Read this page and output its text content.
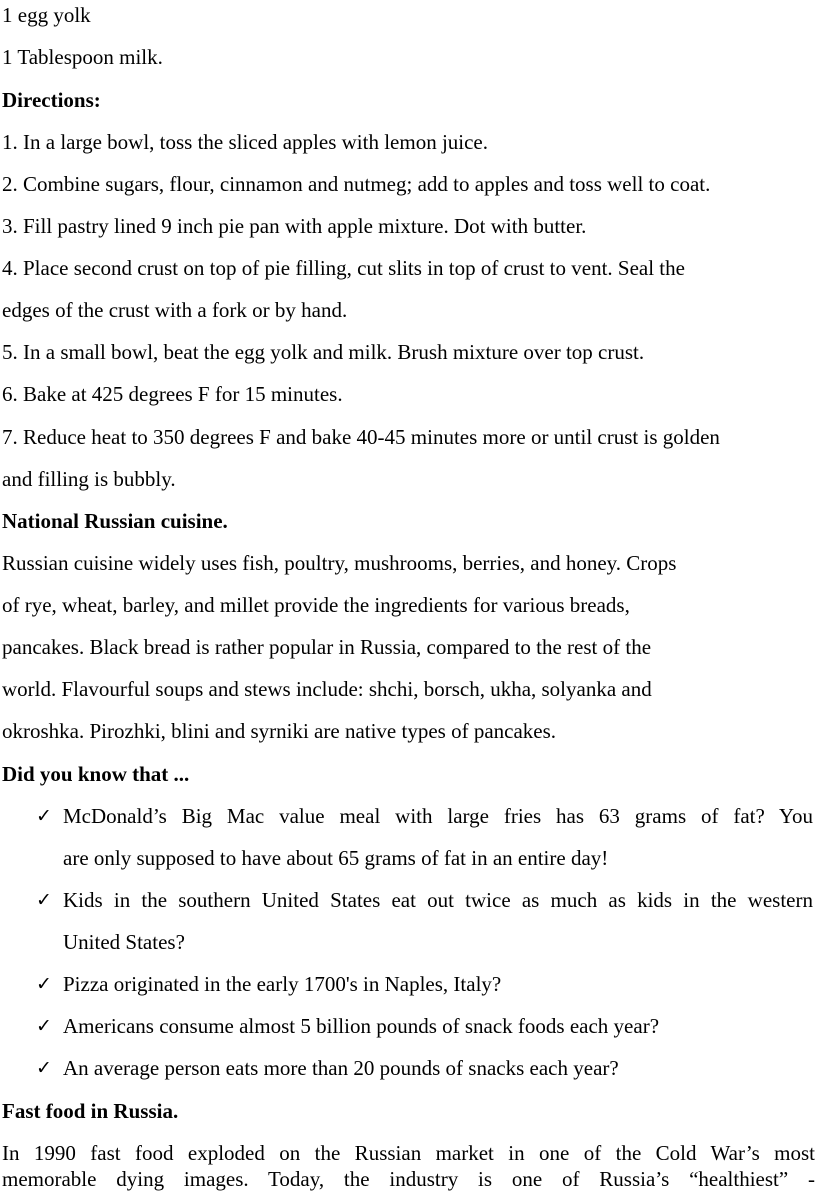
1 egg yolk

1 Tablespoon milk.

Directions:

1. In a large bowl, toss the sliced apples with lemon juice.

2. Combine sugars, flour, cinnamon and nutmeg; add to apples and toss well to coat.

3. Fill pastry lined 9 inch pie pan with apple mixture. Dot with butter.

4. Place second crust on top of pie filling, cut slits in top of crust to vent. Seal the

edges of the crust with a fork or by hand.

5. In a small bowl, beat the egg yolk and milk. Brush mixture over top crust.

6. Bake at 425 degrees F for 15 minutes.

7. Reduce heat to 350 degrees F and bake 40-45 minutes more or until crust is golden

and filling is bubbly.

National Russian cuisine.

Russian cuisine widely uses fish, poultry, mushrooms, berries, and honey. Crops

of rye, wheat, barley, and millet provide the ingredients for various breads,

pancakes. Black bread is rather popular in Russia, compared to the rest of the

world. Flavourful soups and stews include: shchi, borsch, ukha, solyanka and

okroshka. Pirozhki, blini and syrniki are native types of pancakes.

Did you know that ...

✓ McDonald’s Big Mac value meal with large fries has 63 grams of fat? You

are only supposed to have about 65 grams of fat in an entire day!

✓ Kids in the southern United States eat out twice as much as kids in the western

United States?

✓ Pizza originated in the early 1700's in Naples, Italy?

✓ Americans consume almost 5 billion pounds of snack foods each year?

✓ An average person eats more than 20 pounds of snacks each year?

Fast food in Russia.

In 1990 fast food exploded on the Russian market in one of the Cold War’s most

memorable dying images. Today, the industry is one of Russia’s “healthiest” -
